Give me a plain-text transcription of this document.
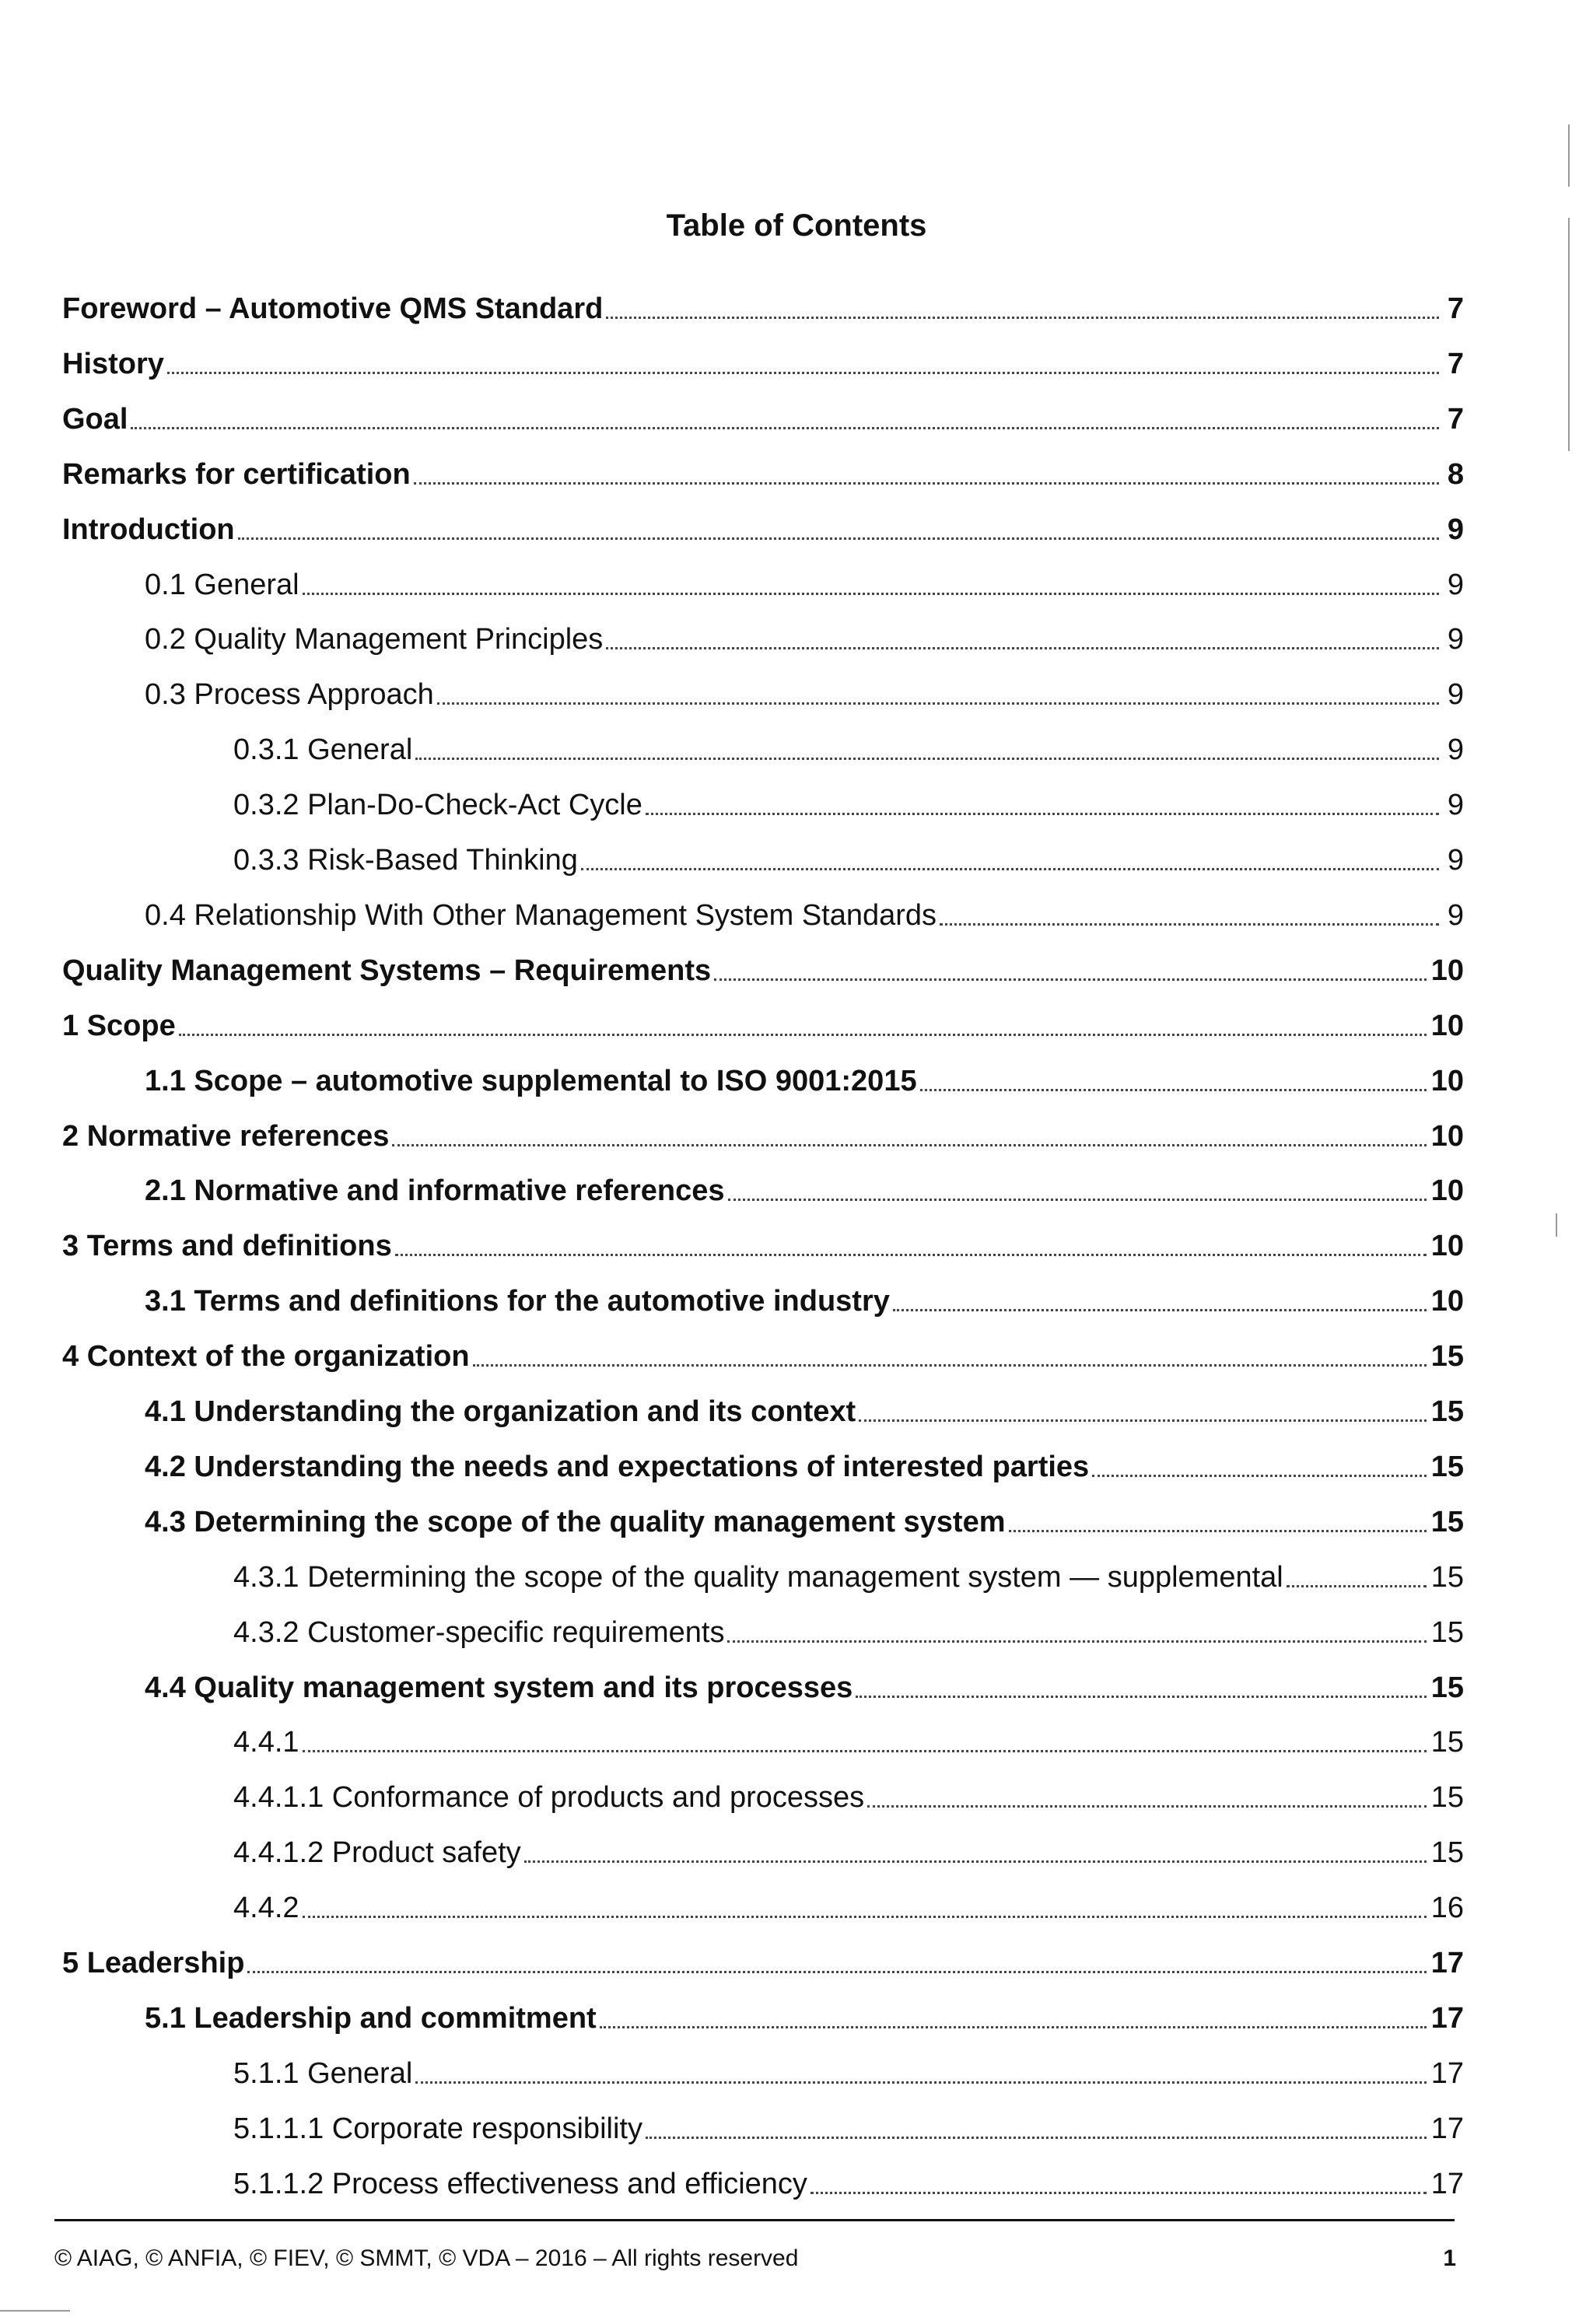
Table of Contents
Foreword – Automotive QMS Standard	7
History	7
Goal	7
Remarks for certification	8
Introduction	9
0.1 General	9
0.2 Quality Management Principles	9
0.3 Process Approach	9
0.3.1 General	9
0.3.2 Plan-Do-Check-Act Cycle	9
0.3.3 Risk-Based Thinking	9
0.4 Relationship With Other Management System Standards	9
Quality Management Systems – Requirements	10
1 Scope	10
1.1 Scope – automotive supplemental to ISO 9001:2015	10
2 Normative references	10
2.1 Normative and informative references	10
3 Terms and definitions	10
3.1 Terms and definitions for the automotive industry	10
4 Context of the organization	15
4.1 Understanding the organization and its context	15
4.2 Understanding the needs and expectations of interested parties	15
4.3 Determining the scope of the quality management system	15
4.3.1 Determining the scope of the quality management system — supplemental	15
4.3.2 Customer-specific requirements	15
4.4 Quality management system and its processes	15
4.4.1	15
4.4.1.1 Conformance of products and processes	15
4.4.1.2 Product safety	15
4.4.2	16
5 Leadership	17
5.1 Leadership and commitment	17
5.1.1 General	17
5.1.1.1 Corporate responsibility	17
5.1.1.2 Process effectiveness and efficiency	17
© AIAG, © ANFIA, © FIEV, © SMMT, © VDA – 2016 – All rights reserved	1
